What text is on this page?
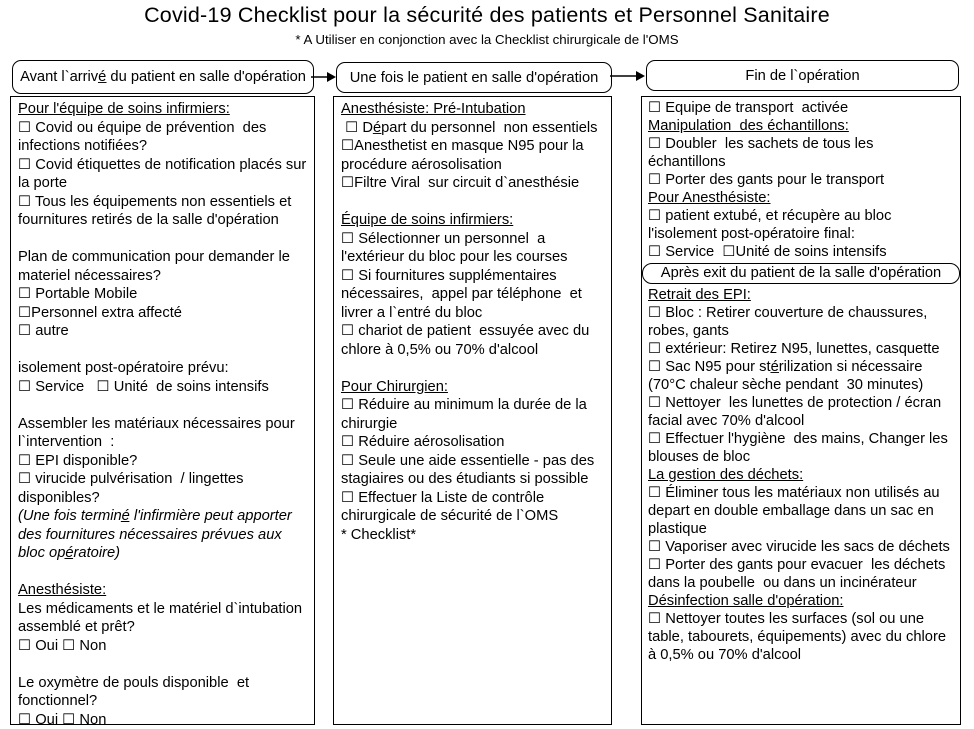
Covid-19 Checklist pour la sécurité des patients et Personnel Sanitaire
* A Utiliser en conjonction avec la Checklist chirurgicale de l'OMS
Avant l`arrivé̲ du patient en salle d'opération	Une fois le patient en salle d'opération	Fin de l`opération
Pour l'équipe de soins infirmiers:
☐ Covid ou équipe de prévention  des infections notifiées?
☐ Covid étiquettes de notification placés sur la porte
☐ Tous les équipements non essentiels et fournitures retirés de la salle d'opération
Plan de communication pour demander le materiel nécessaires?
☐ Portable Mobile
☐Personnel extra affecté
☐ autre
isolement post-opératoire prévu:
☐ Service   ☐ Unité  de soins intensifs
Assembler les matériaux nécessaires pour l`intervention  :
☐ EPI disponible?
☐ virucide pulvérisation  / lingettes disponibles?
(Une fois terminé̲ l'infirmière peut apporter des fournitures nécessaires prévues aux bloc opé̲ratoire)
Anesthésiste:
Les médicaments et le matériel d`intubation  assemblé et prêt?
☐ Oui ☐ Non
Le oxymètre de pouls disponible  et fonctionnel?
☐ Oui ☐ Non
Anesthésiste: Pré-Intubation
☐ Dé̲part du personnel  non essentiels
☐Anesthetist en masque N95 pour la procédure aérosolisation
☐Filtre Viral  sur circuit d`anesthésie
Équipe de soins infirmiers:
☐ Sélectionner un personnel  a l'extérieur du bloc pour les courses
☐ Si fournitures supplémentaires nécessaires,  appel par téléphone  et livrer a l`entré du bloc
☐ chariot de patient  essuyée avec du chlore à 0,5% ou 70% d'alcool
Pour Chirurgien:
☐ Réduire au minimum la durée de la chirurgie
☐ Réduire aérosolisation
☐ Seule une aide essentielle - pas des stagiaires ou des étudiants si possible
☐ Effectuer la Liste de contrôle chirurgicale de sécurité de l`OMS
* Checklist*
☐ Equipe de transport  activée
Manipulation  des échantillons:
☐ Doubler  les sachets de tous les échantillons
☐ Porter des gants pour le transport
Pour Anesthésiste:
☐ patient extubé, et récupère au bloc l'isolement post-opératoire final:
☐ Service  ☐Unité de soins intensifs
Après exit du patient de la salle d'opération
Retrait des EPI:
☐ Bloc : Retirer couverture de chaussures, robes, gants
☐ extérieur: Retirez N95, lunettes, casquette
☐ Sac N95 pour sté̲rilization si nécessaire
(70°C chaleur sèche pendant  30 minutes)
☐ Nettoyer  les lunettes de protection / écran facial avec 70% d'alcool
☐ Effectuer l'hygiène  des mains, Changer les blouses de bloc
La gestion des déchets:
☐ Éliminer tous les matériaux non utilisés au depart en double emballage dans un sac en plastique
☐ Vaporiser avec virucide les sacs de déchets
☐ Porter des gants pour evacuer  les déchets dans la poubelle  ou dans un incinérateur
Désinfection salle d'opération:
☐ Nettoyer toutes les surfaces (sol ou une table, tabourets, équipements) avec du chlore à 0,5% ou 70% d'alcool
